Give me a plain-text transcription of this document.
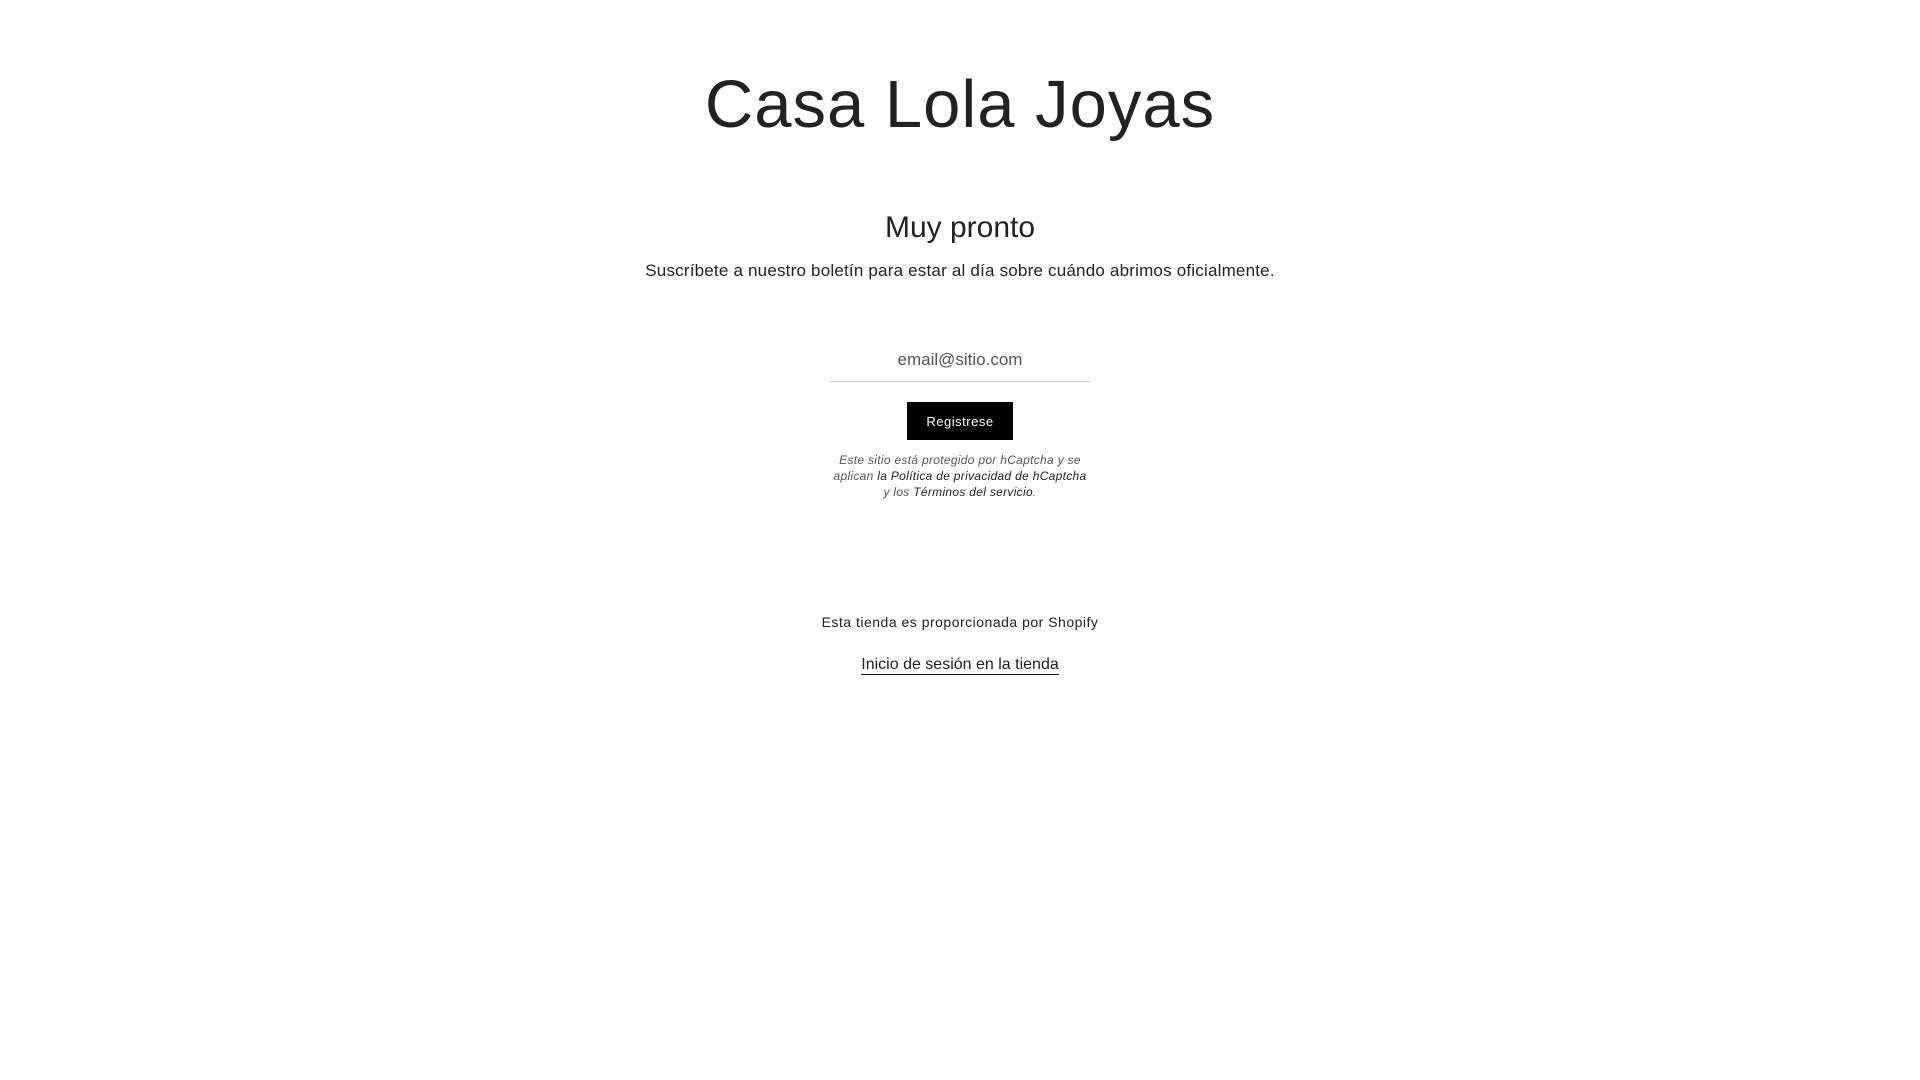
Casa Lola Joyas
Muy pronto
Suscríbete a nuestro boletín para estar al día sobre cuándo abrimos oficialmente.
email@sitio.com Registrese
Este sitio está protegido por hCaptcha y se aplican la Política de privacidad de hCaptcha y los Términos del servicio.
Esta tienda es proporcionada por Shopify
Inicio de sesión en la tienda
